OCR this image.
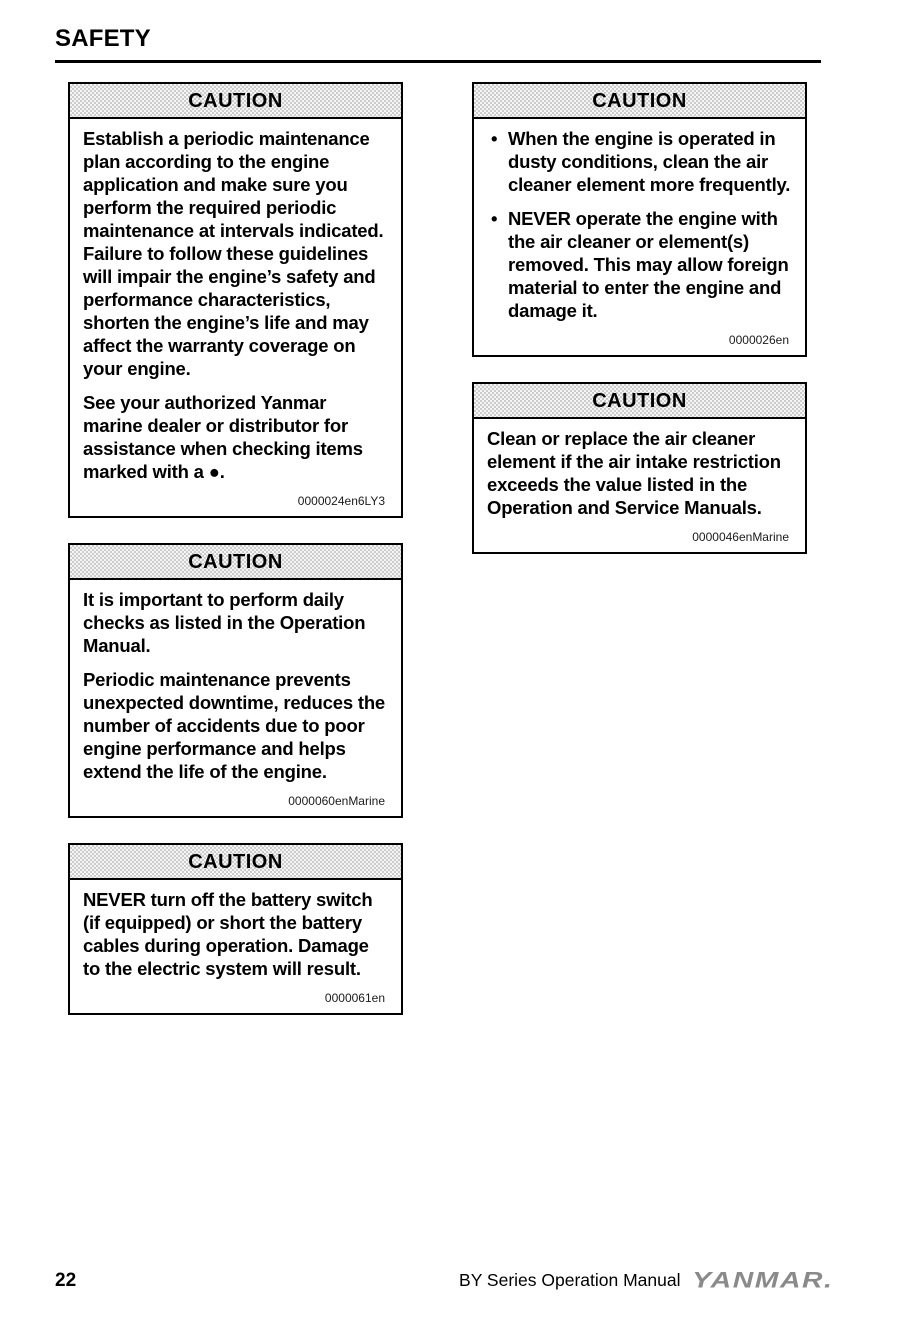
SAFETY
CAUTION

Establish a periodic maintenance plan according to the engine application and make sure you perform the required periodic maintenance at intervals indicated. Failure to follow these guidelines will impair the engine’s safety and performance characteristics, shorten the engine’s life and may affect the warranty coverage on your engine.

See your authorized Yanmar marine dealer or distributor for assistance when checking items marked with a ●.

0000024en6LY3
CAUTION

It is important to perform daily checks as listed in the Operation Manual.

Periodic maintenance prevents unexpected downtime, reduces the number of accidents due to poor engine performance and helps extend the life of the engine.

0000060enMarine
CAUTION

NEVER turn off the battery switch (if equipped) or short the battery cables during operation. Damage to the electric system will result.

0000061en
CAUTION
• When the engine is operated in dusty conditions, clean the air cleaner element more frequently.
• NEVER operate the engine with the air cleaner or element(s) removed. This may allow foreign material to enter the engine and damage it.
0000026en
CAUTION

Clean or replace the air cleaner element if the air intake restriction exceeds the value listed in the Operation and Service Manuals.

0000046enMarine
22	BY Series Operation Manual YANMAR.
